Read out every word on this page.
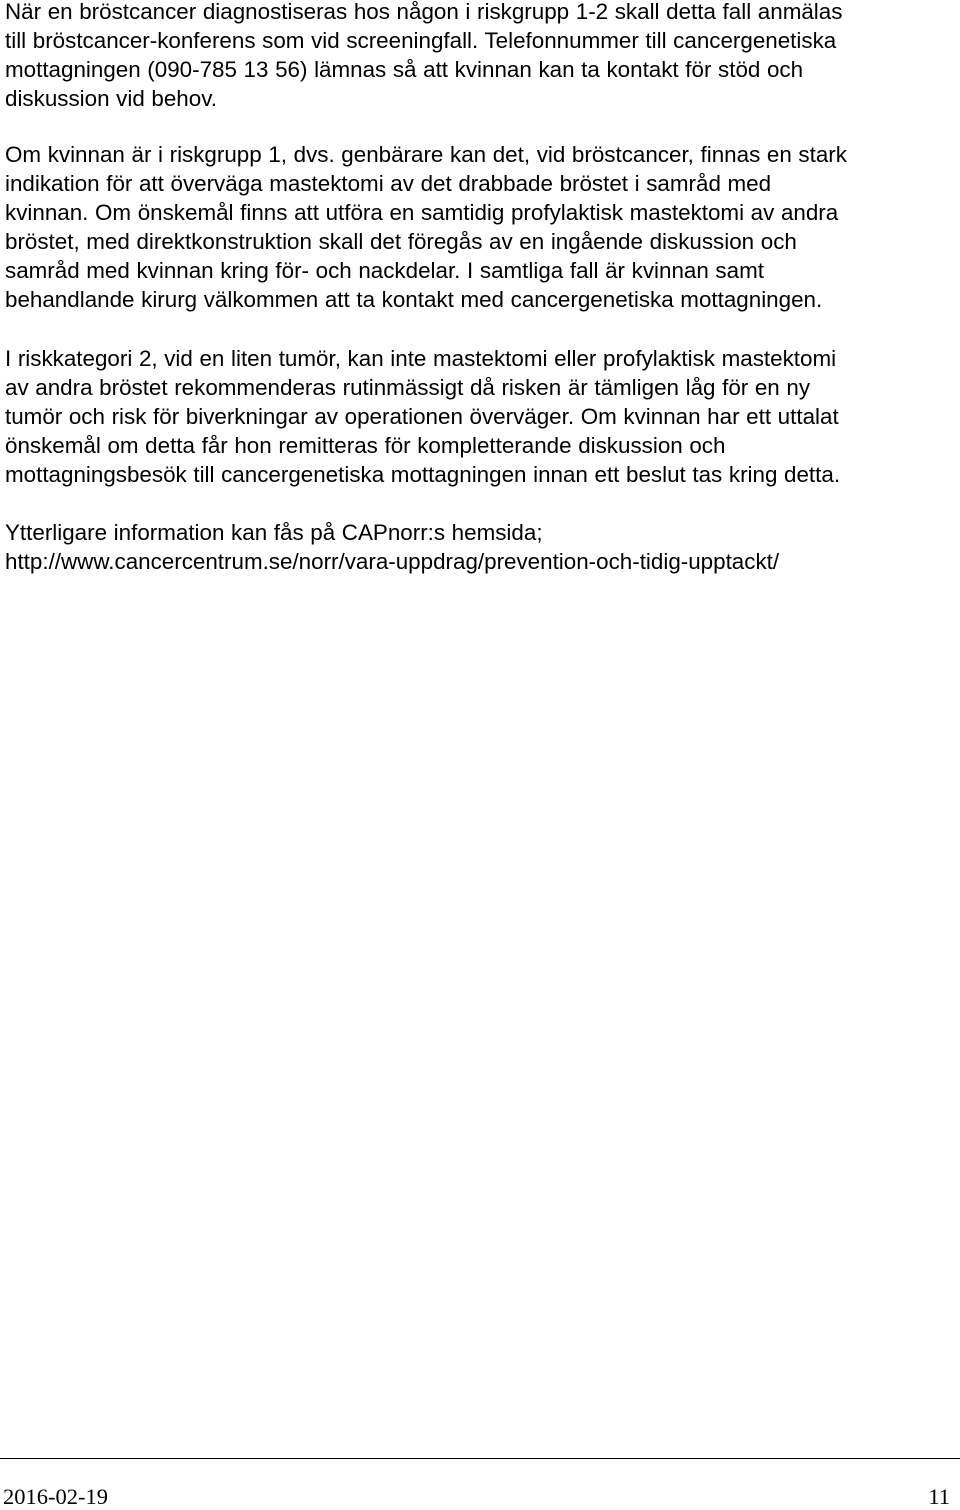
När en bröstcancer diagnostiseras hos någon i riskgrupp 1-2 skall detta fall anmälas
till bröstcancer-konferens som vid screeningfall. Telefonnummer till cancergenetiska
mottagningen (090-785 13 56) lämnas så att kvinnan kan ta kontakt för stöd och
diskussion vid behov.

Om kvinnan är i riskgrupp 1, dvs. genbärare kan det, vid bröstcancer, finnas en stark
indikation för att överväga mastektomi av det drabbade bröstet i samråd med
kvinnan. Om önskemål finns att utföra en samtidig profylaktisk mastektomi av andra
bröstet, med direktkonstruktion skall det föregås av en ingående diskussion och
samråd med kvinnan kring för- och nackdelar. I samtliga fall är kvinnan samt
behandlande kirurg välkommen att ta kontakt med cancergenetiska mottagningen.

I riskkategori 2, vid en liten tumör, kan inte mastektomi eller profylaktisk mastektomi
av andra bröstet rekommenderas rutinmässigt då risken är tämligen låg för en ny
tumör och risk för biverkningar av operationen överväger. Om kvinnan har ett uttalat
önskemål om detta får hon remitteras för kompletterande diskussion och
mottagningsbesök till cancergenetiska mottagningen innan ett beslut tas kring detta.

Ytterligare information kan fås på CAPnorr:s hemsida;
http://www.cancercentrum.se/norr/vara-uppdrag/prevention-och-tidig-upptackt/

2016-02-19	11
